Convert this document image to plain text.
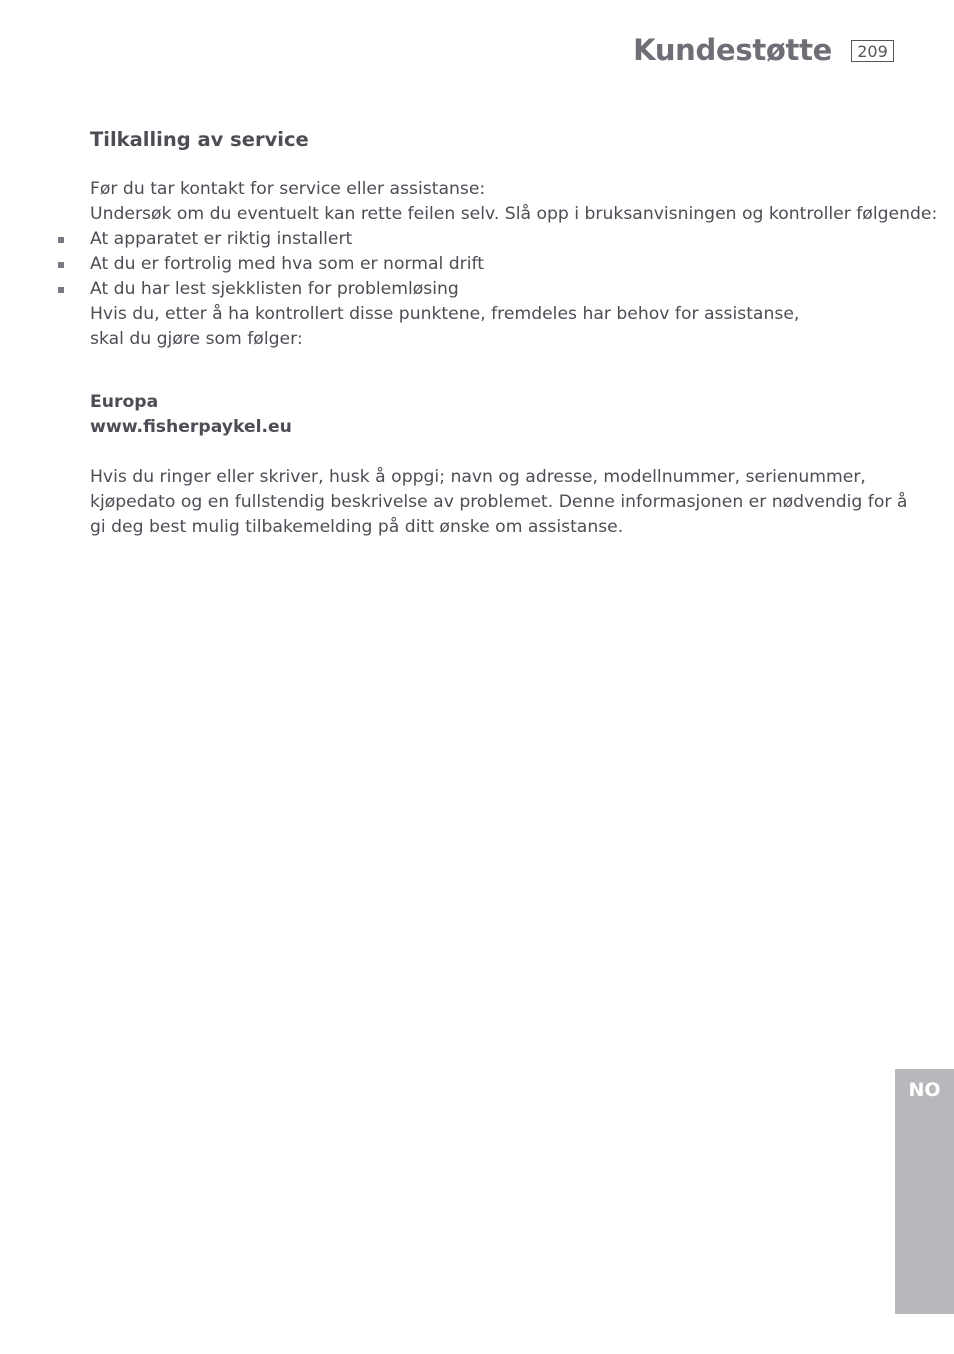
Kundestøtte	209
Tilkalling av service

Før du tar kontakt for service eller assistanse:

Undersøk om du eventuelt kan rette feilen selv. Slå opp i bruksanvisningen og kontroller følgende:

At apparatet er riktig installert
At du er fortrolig med hva som er normal drift
At du har lest sjekklisten for problemløsing

Hvis du, etter å ha kontrollert disse punktene, fremdeles har behov for assistanse,

skal du gjøre som følger:

Europa

www.fisherpaykel.eu

Hvis du ringer eller skriver, husk å oppgi; navn og adresse, modellnummer, serienummer,

kjøpedato og en fullstendig beskrivelse av problemet. Denne informasjonen er nødvendig for å

gi deg best mulig tilbakemelding på ditt ønske om assistanse.

NO
